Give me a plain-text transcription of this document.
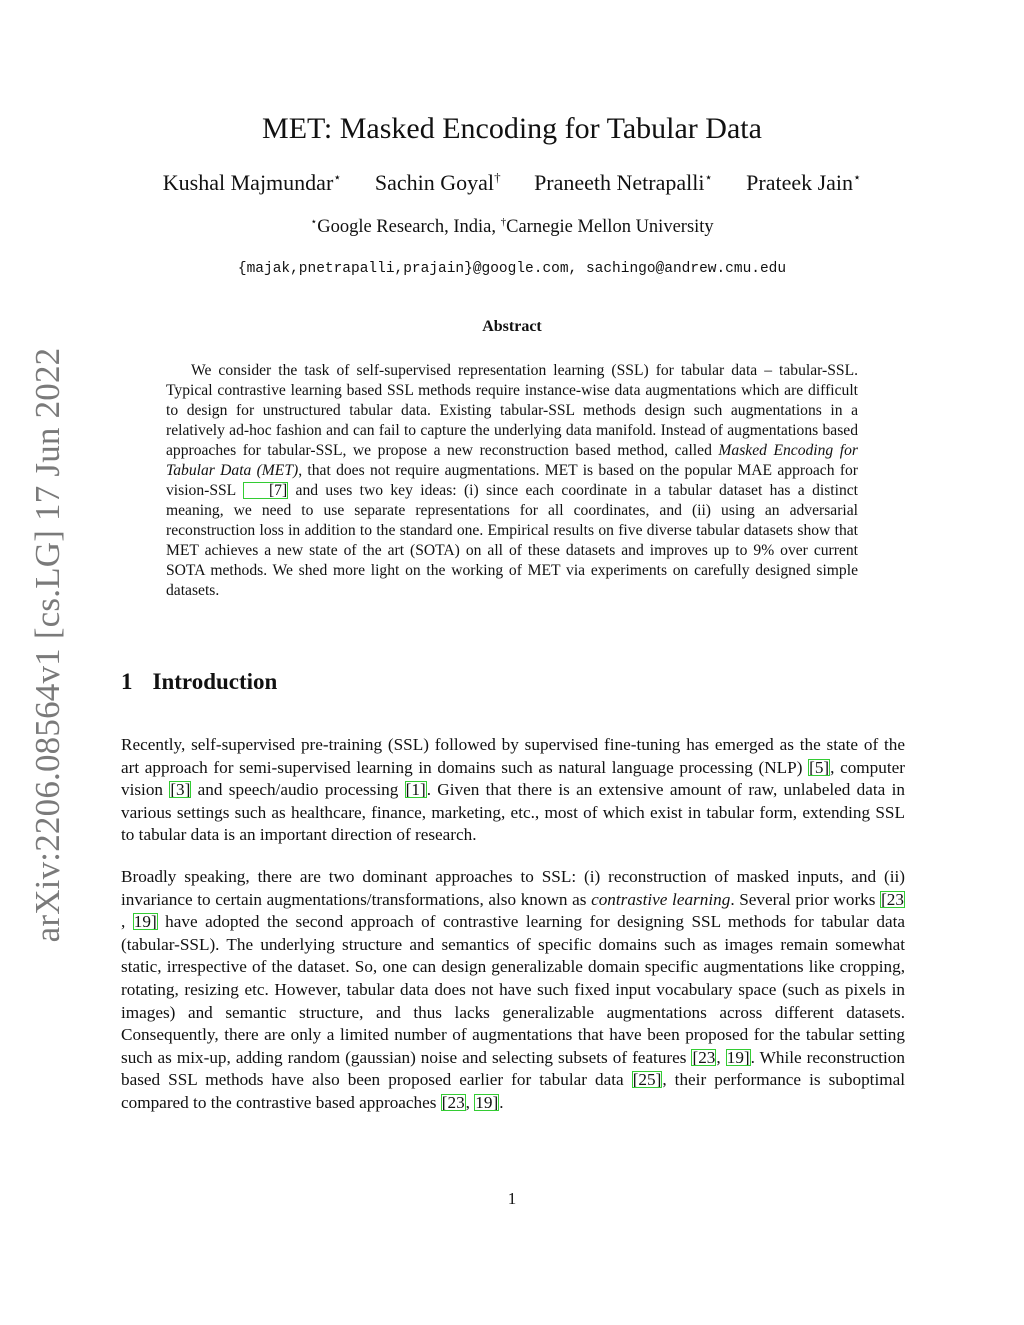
arXiv:2206.08564v1 [cs.LG] 17 Jun 2022
MET: Masked Encoding for Tabular Data
Kushal Majmundar⋆ Sachin Goyal† Praneeth Netrapalli⋆ Prateek Jain⋆
⋆Google Research, India, †Carnegie Mellon University
{majak,pnetrapalli,prajain}@google.com, sachingo@andrew.cmu.edu
Abstract

We consider the task of self-supervised representation learning (SSL) for tabular data – tabular-SSL. Typical contrastive learning based SSL methods require instance-wise data augmentations which are difficult to design for unstructured tabular data. Existing tabular-SSL methods design such augmentations in a relatively ad-hoc fashion and can fail to capture the underlying data manifold. Instead of augmentations based approaches for tabular-SSL, we propose a new reconstruction based method, called Masked Encoding for Tabular Data (MET), that does not require augmentations. MET is based on the popular MAE approach for vision-SSL [7] and uses two key ideas: (i) since each coordinate in a tabular dataset has a distinct meaning, we need to use separate representations for all coordinates, and (ii) using an adversarial reconstruction loss in addition to the standard one. Empirical results on five diverse tabular datasets show that MET achieves a new state of the art (SOTA) on all of these datasets and improves up to 9% over current SOTA methods. We shed more light on the working of MET via experiments on carefully designed simple datasets.

1 Introduction

Recently, self-supervised pre-training (SSL) followed by supervised fine-tuning has emerged as the state of the art approach for semi-supervised learning in domains such as natural language processing (NLP) [5], computer vision [3] and speech/audio processing [1]. Given that there is an extensive amount of raw, unlabeled data in various settings such as healthcare, finance, marketing, etc., most of which exist in tabular form, extending SSL to tabular data is an important direction of research.

Broadly speaking, there are two dominant approaches to SSL: (i) reconstruction of masked inputs, and (ii) invariance to certain augmentations/transformations, also known as contrastive learning. Several prior works [23, 19] have adopted the second approach of contrastive learning for designing SSL methods for tabular data (tabular-SSL). The underlying structure and semantics of specific domains such as images remain somewhat static, irrespective of the dataset. So, one can design generalizable domain specific augmentations like cropping, rotating, resizing etc. However, tabular data does not have such fixed input vocabulary space (such as pixels in images) and semantic structure, and thus lacks generalizable augmentations across different datasets. Consequently, there are only a limited number of augmentations that have been proposed for the tabular setting such as mix-up, adding random (gaussian) noise and selecting subsets of features [23, 19]. While reconstruction based SSL methods have also been proposed earlier for tabular data [25], their performance is suboptimal compared to the contrastive based approaches [23, 19].

1
